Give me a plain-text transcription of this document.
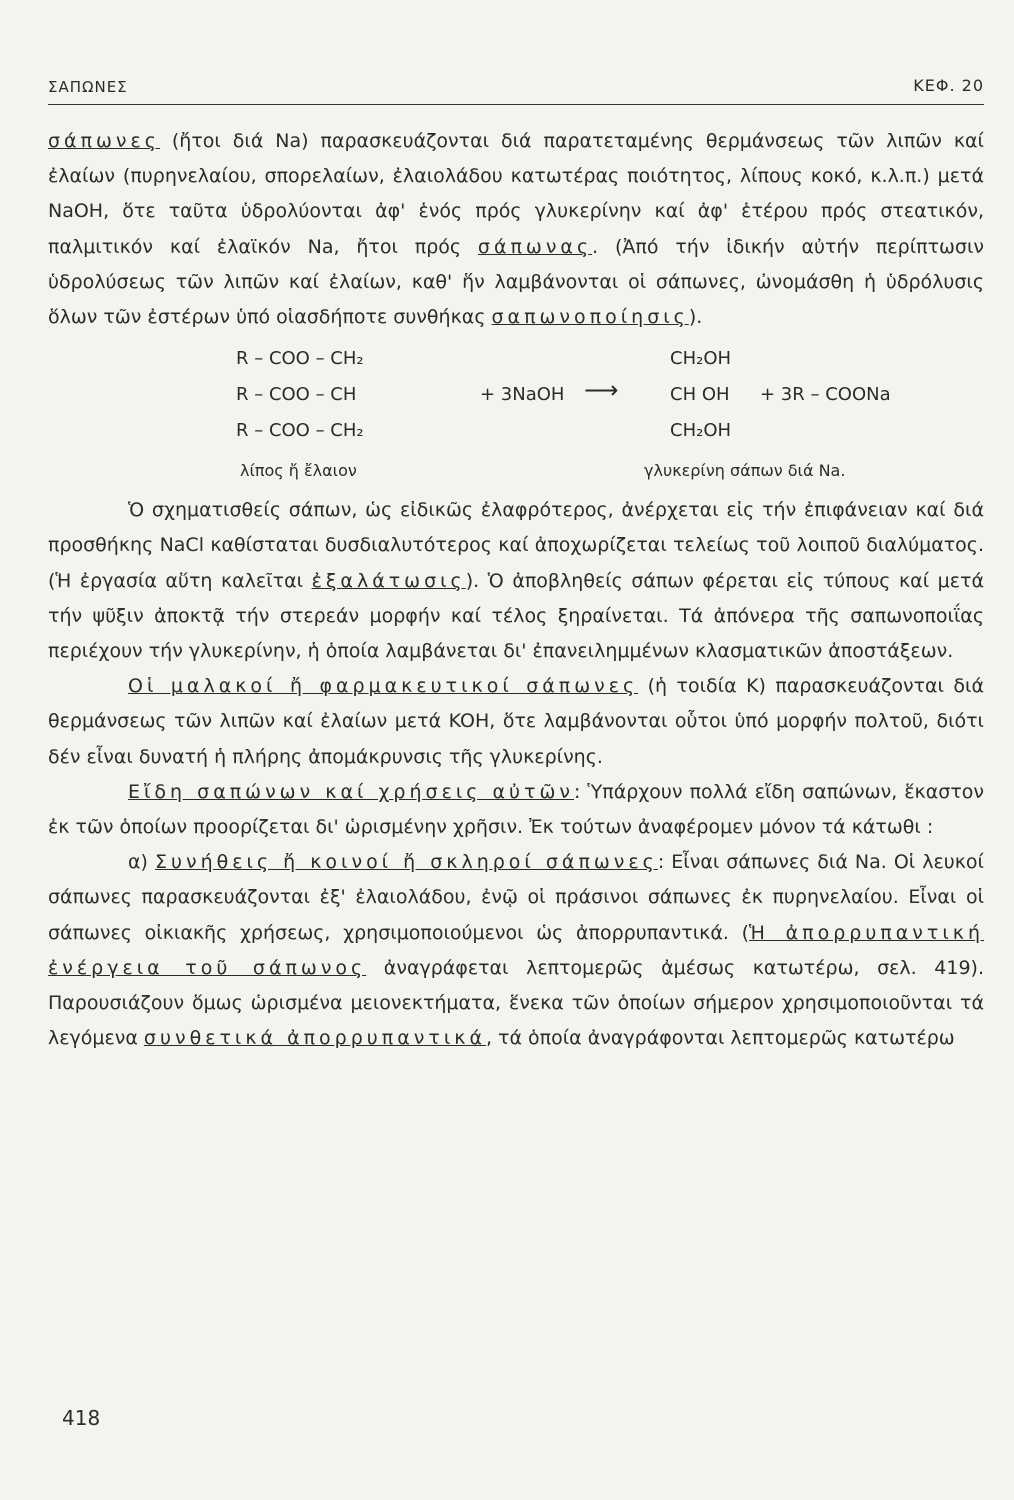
ΣΑΠΩΝΕΣ	ΚΕΦ. 20

σάπωνες (ἤτοι διά Na) παρασκευάζονται διά παρατεταμένης θερμάνσεως τῶν λιπῶν καί ἐλαίων (πυρηνελαίου, σπορελαίων, ἐλαιολάδου κατωτέρας ποιότητος, λίπους κοκό, κ.λ.π.) μετά NaOH, ὅτε ταῦτα ὑδρολύονται ἀφ' ἑνός πρός γλυκερίνην καί ἀφ' ἑτέρου πρός στεατικόν, παλμιτικόν καί ἐλαϊκόν Na, ἤτοι πρός σάπωνας. (Ἀπό τήν ἰδικήν αὐτήν περίπτωσιν ὑδρολύσεως τῶν λιπῶν καί ἐλαίων, καθ' ἥν λαμβάνονται οἱ σάπωνες, ὠνομάσθη ἡ ὑδρόλυσις ὅλων τῶν ἐστέρων ὑπό οἱασδήποτε συνθήκας σαπωνοποίησις).

R – COO – CH₂
R – COO – CH
R – COO – CH₂
+ 3NaOH ⟶
CH₂OH
CH OH + 3R – COONa
CH₂OH
λίπος ἤ ἔλαιον	γλυκερίνη σάπων διά Na.

Ὁ σχηματισθείς σάπων, ὡς εἰδικῶς ἐλαφρότερος, ἀνέρχεται εἰς τήν ἐπιφάνειαν καί διά προσθήκης NaCl καθίσταται δυσδιαλυτότερος καί ἀποχωρίζεται τελείως τοῦ λοιποῦ διαλύματος. (Ἡ ἐργασία αὕτη καλεῖται ἐξαλάτωσις). Ὁ ἀποβληθείς σάπων φέρεται εἰς τύπους καί μετά τήν ψῦξιν ἀποκτᾷ τήν στερεάν μορφήν καί τέλος ξηραίνεται. Τά ἀπόνερα τῆς σαπωνοποιΐας περιέχουν τήν γλυκερίνην, ἡ ὁποία λαμβάνεται δι' ἐπανειλημμένων κλασματικῶν ἀποστάξεων.

Οἱ μαλακοί ἤ φαρμακευτικοί σάπωνες (ἡ τοιδία K) παρασκευάζονται διά θερμάνσεως τῶν λιπῶν καί ἐλαίων μετά KOH, ὅτε λαμβάνονται οὗτοι ὑπό μορφήν πολτοῦ, διότι δέν εἶναι δυνατή ἡ πλήρης ἀπομάκρυνσις τῆς γλυκερίνης.

Εἴδη σαπώνων καί χρήσεις αὐτῶν: Ὑπάρχουν πολλά εἴδη σαπώνων, ἕκαστον ἐκ τῶν ὁποίων προορίζεται δι' ὡρισμένην χρῆσιν. Ἐκ τούτων ἀναφέρομεν μόνον τά κάτωθι :

α) Συνήθεις ἤ κοινοί ἤ σκληροί σάπωνες: Εἶναι σάπωνες διά Na. Οἱ λευκοί σάπωνες παρασκευάζονται ἐξ' ἐλαιολάδου, ἐνῷ οἱ πράσινοι σάπωνες ἐκ πυρηνελαίου. Εἶναι οἱ σάπωνες οἰκιακῆς χρήσεως, χρησιμοποιούμενοι ὡς ἀπορρυπαντικά. (Ἡ ἀπορρυπαντική ἐνέργεια τοῦ σάπωνος ἀναγράφεται λεπτομερῶς ἀμέσως κατωτέρω, σελ. 419). Παρουσιάζουν ὅμως ὡρισμένα μειονεκτήματα, ἕνεκα τῶν ὁποίων σήμερον χρησιμοποιοῦνται τά λεγόμενα συνθετικά ἀπορρυπαντικά, τά ὁποία ἀναγράφονται λεπτομερῶς κατωτέρω

418
